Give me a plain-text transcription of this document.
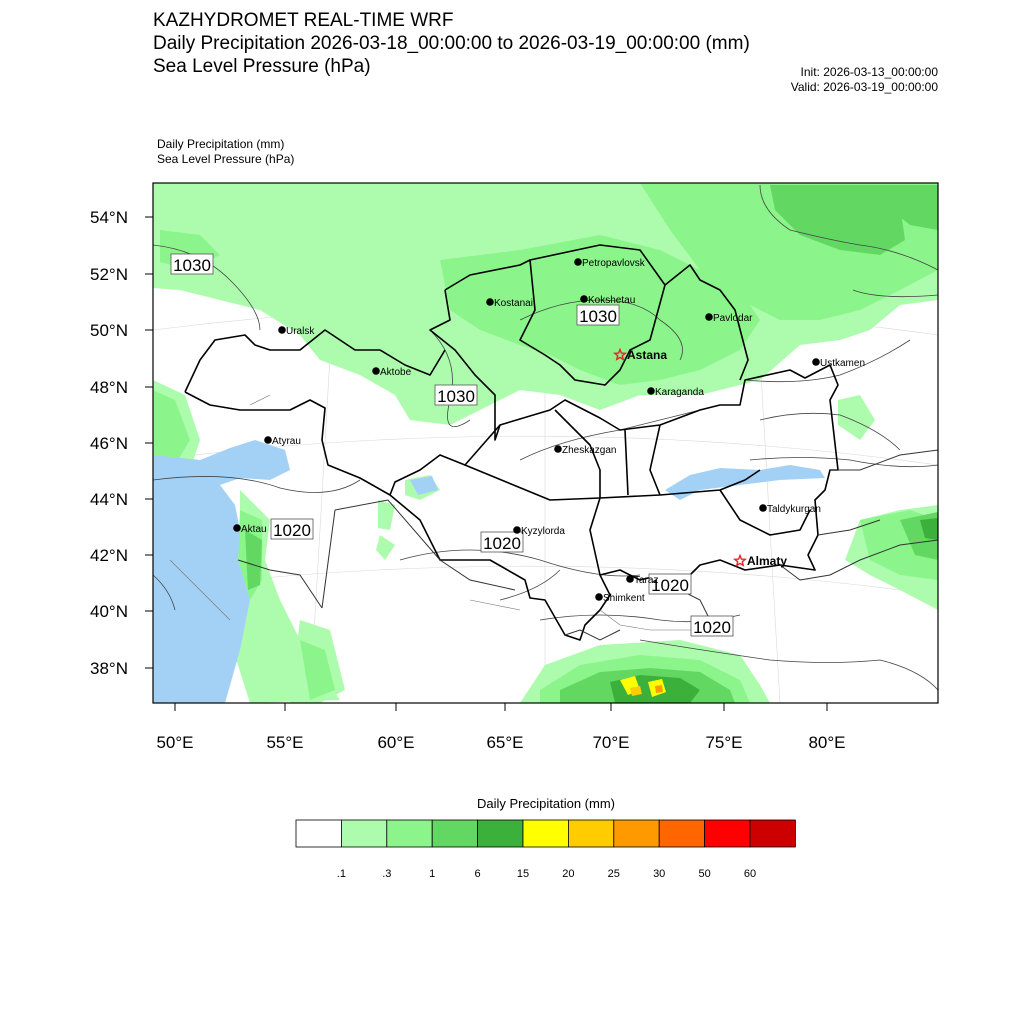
KAZHYDROMET REAL-TIME WRF
Daily Precipitation 2026-03-18_00:00:00 to 2026-03-19_00:00:00 (mm)
Sea Level Pressure (hPa)	Init: 2026-03-13_00:00:00
Valid: 2026-03-19_00:00:00
Daily Precipitation (mm)
Sea Level Pressure (hPa)
54°N
52°N
50°N
48°N
46°N
44°N
42°N
40°N
38°N
50°E	55°E	60°E	65°E	70°E	75°E	80°E
1030
1030
1030
1020
1020
1020
1020
Petropavlovsk
Kostanai	Kokshetau
Pavlodar
Uralsk
Astana
Ustkamen
Aktobe
Karaganda
Atyrau
Zheskazgan
Taldykurgan
Aktau	Kyzylorda
Almaty
Taraz
Shimkent
Daily Precipitation (mm)
.1	.3	1	6	15	20	25	30	50	60
